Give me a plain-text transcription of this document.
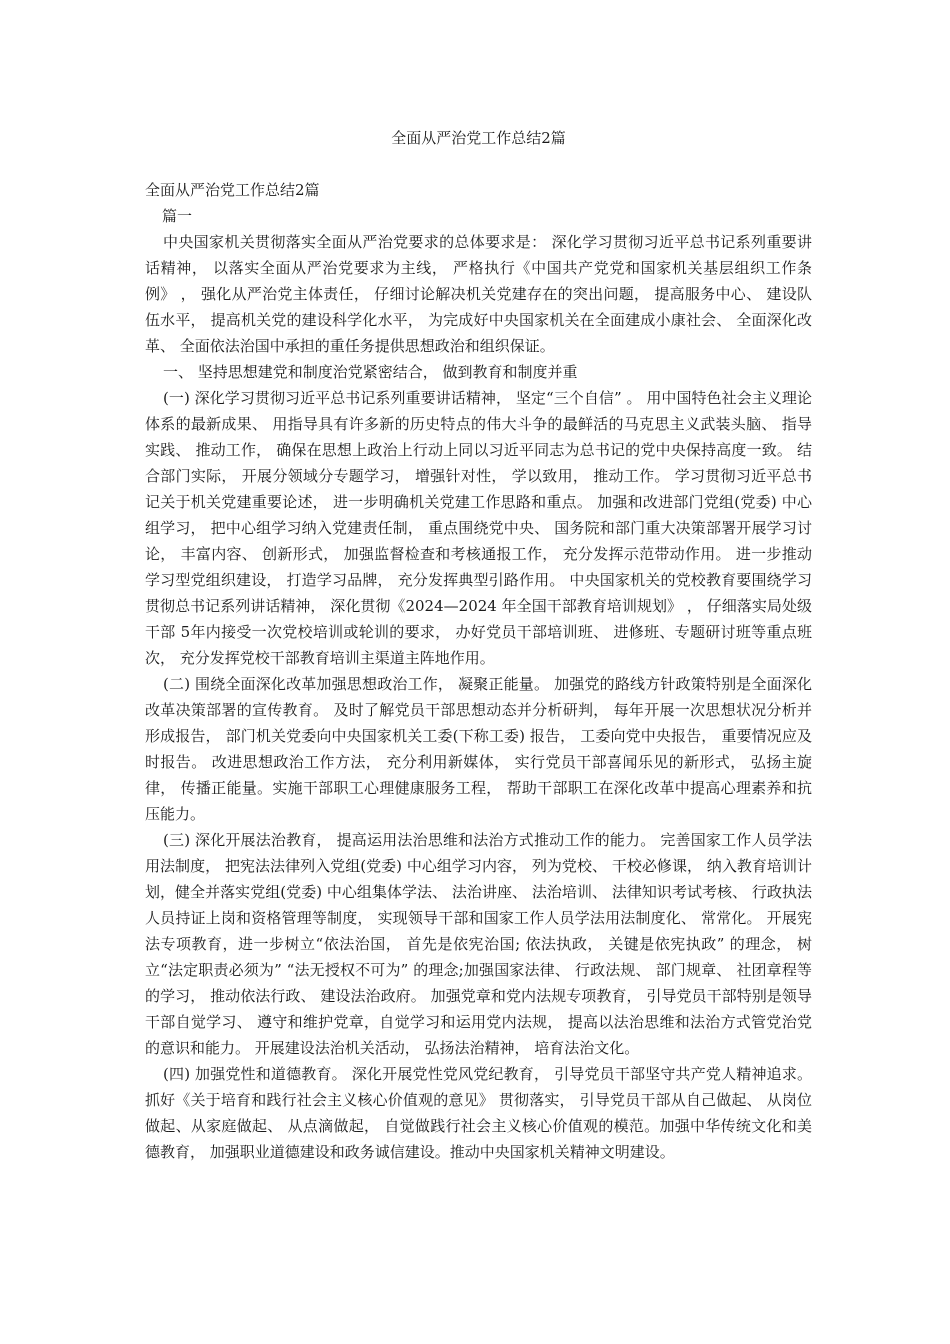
全面从严治党工作总结2篇
全面从严治党工作总结2篇
篇一

中央国家机关贯彻落实全面从严治党要求的总体要求是： 深化学习贯彻习近平总书记系列重要讲话精神， 以落实全面从严治党要求为主线， 严格执行《中国共产党党和国家机关基层组织工作条例》 ， 强化从严治党主体责任， 仔细讨论解决机关党建存在的突出问题， 提高服务中心、 建设队伍水平， 提高机关党的建设科学化水平， 为完成好中央国家机关在全面建成小康社会、 全面深化改革、 全面依法治国中承担的重任务提供思想政治和组织保证。

一、 坚持思想建党和制度治党紧密结合， 做到教育和制度并重

(一) 深化学习贯彻习近平总书记系列重要讲话精神， 坚定“三个自信” 。 用中国特色社会主义理论体系的最新成果、 用指导具有许多新的历史特点的伟大斗争的最鲜活的马克思主义武装头脑、 指导实践、 推动工作， 确保在思想上政治上行动上同以习近平同志为总书记的党中央保持高度一致。 结合部门实际， 开展分领域分专题学习， 增强针对性， 学以致用， 推动工作。 学习贯彻习近平总书记关于机关党建重要论述， 进一步明确机关党建工作思路和重点。 加强和改进部门党组(党委) 中心组学习， 把中心组学习纳入党建责任制， 重点围绕党中央、 国务院和部门重大决策部署开展学习讨论， 丰富内容、 创新形式， 加强监督检查和考核通报工作， 充分发挥示范带动作用。 进一步推动学习型党组织建设， 打造学习品牌， 充分发挥典型引路作用。 中央国家机关的党校教育要围绕学习贯彻总书记系列讲话精神， 深化贯彻《2024—2024 年全国干部教育培训规划》 ， 仔细落实局处级干部 5年内接受一次党校培训或轮训的要求， 办好党员干部培训班、 进修班、专题研讨班等重点班次， 充分发挥党校干部教育培训主渠道主阵地作用。

(二) 围绕全面深化改革加强思想政治工作， 凝聚正能量。 加强党的路线方针政策特别是全面深化改革决策部署的宣传教育。 及时了解党员干部思想动态并分析研判， 每年开展一次思想状况分析并形成报告， 部门机关党委向中央国家机关工委(下称工委) 报告， 工委向党中央报告， 重要情况应及时报告。 改进思想政治工作方法， 充分利用新媒体， 实行党员干部喜闻乐见的新形式， 弘扬主旋律， 传播正能量。实施干部职工心理健康服务工程， 帮助干部职工在深化改革中提高心理素养和抗压能力。

(三) 深化开展法治教育， 提高运用法治思维和法治方式推动工作的能力。 完善国家工作人员学法用法制度， 把宪法法律列入党组(党委) 中心组学习内容， 列为党校、 干校必修课， 纳入教育培训计划，健全并落实党组(党委) 中心组集体学法、 法治讲座、 法治培训、 法律知识考试考核、 行政执法人员持证上岗和资格管理等制度， 实现领导干部和国家工作人员学法用法制度化、 常常化。 开展宪法专项教育，进一步树立“依法治国， 首先是依宪治国; 依法执政， 关键是依宪执政” 的理念， 树立“法定职责必须为” “法无授权不可为” 的理念;加强国家法律、 行政法规、 部门规章、 社团章程等的学习， 推动依法行政、 建设法治政府。 加强党章和党内法规专项教育， 引导党员干部特别是领导干部自觉学习、 遵守和维护党章，自觉学习和运用党内法规， 提高以法治思维和法治方式管党治党的意识和能力。 开展建设法治机关活动， 弘扬法治精神， 培育法治文化。

(四) 加强党性和道德教育。 深化开展党性党风党纪教育， 引导党员干部坚守共产党人精神追求。 抓好《关于培育和践行社会主义核心价值观的意见》 贯彻落实， 引导党员干部从自己做起、 从岗位做起、从家庭做起、 从点滴做起， 自觉做践行社会主义核心价值观的模范。加强中华传统文化和美德教育， 加强职业道德建设和政务诚信建设。推动中央国家机关精神文明建设。
